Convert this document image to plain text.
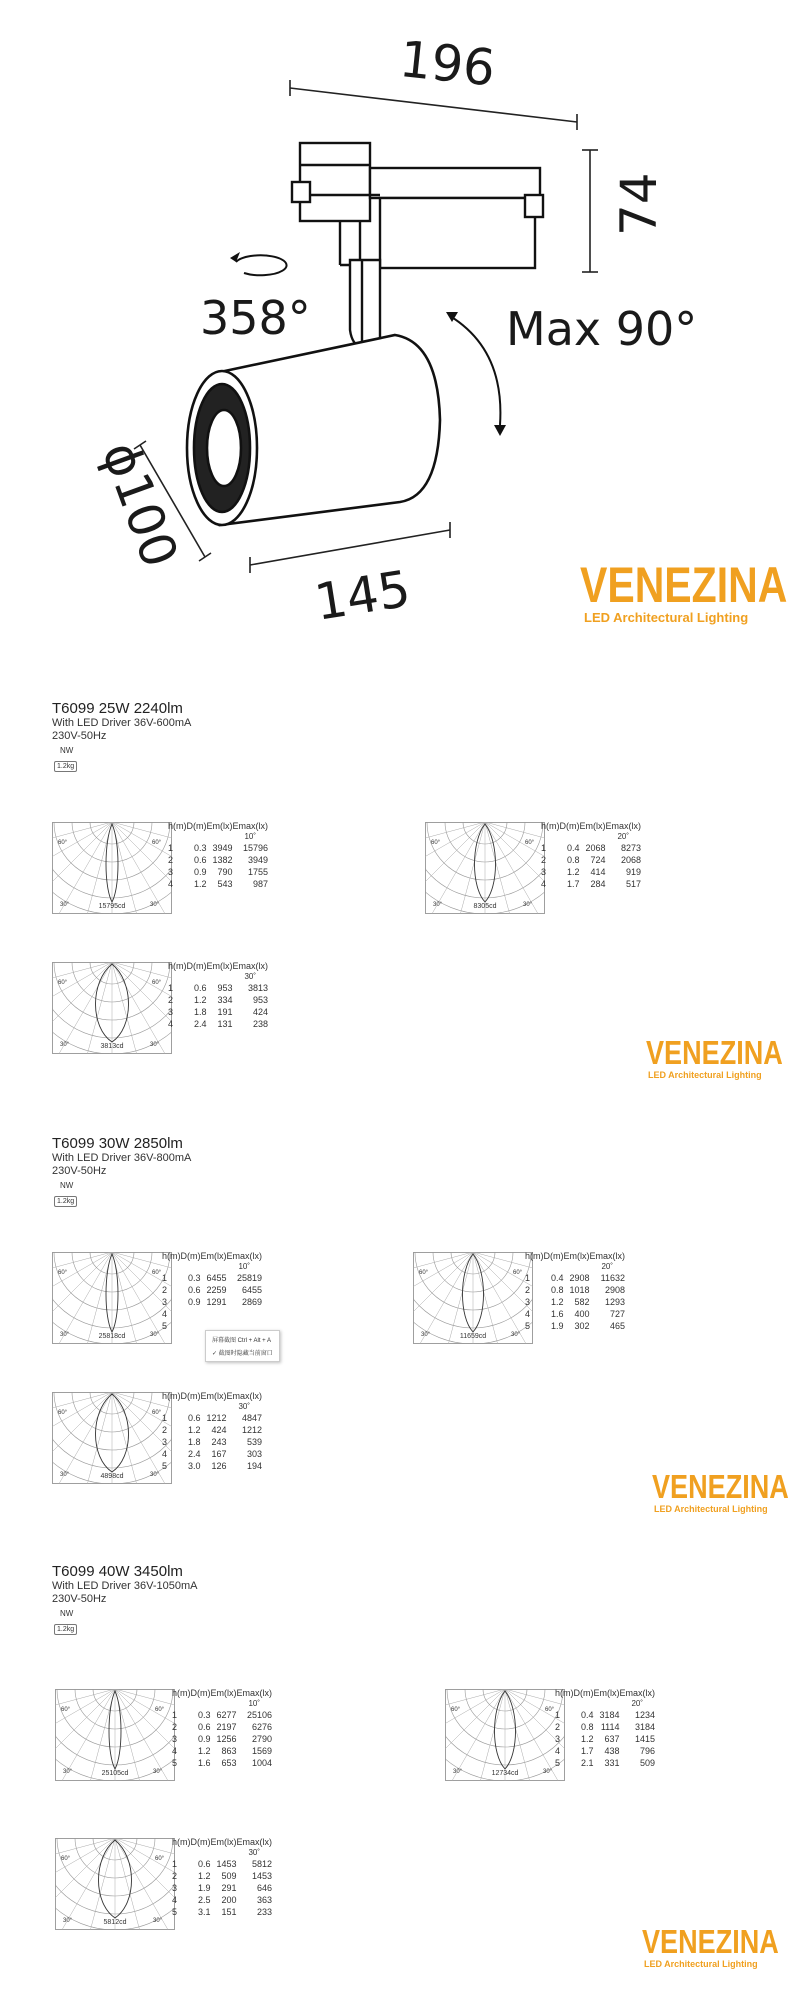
196
74
358°	Max 90°
ϕ100
145	VENEZINA
LED Architectural Lighting
T6099 25W 2240lm
With LED Driver 36V-600mA
230V-50Hz
NW
1.2kg
60°	60°
30°	30°
15795cd
h(m)	D(m)	Em(lx)	Emax(lx)
			10˚
1	0.3	3949	15796
2	0.6	1382	3949
3	0.9	790	1755
4	1.2	543	987
60°	60°
30°	30°
8305cd
h(m)	D(m)	Em(lx)	Emax(lx)
			20˚
1	0.4	2068	8273
2	0.8	724	2068
3	1.2	414	919
4	1.7	284	517
60°	60°
30°	30°
3813cd
h(m)	D(m)	Em(lx)	Emax(lx)
			30˚
1	0.6	953	3813
2	1.2	334	953
3	1.8	191	424
4	2.4	131	238
T6099 30W 2850lm
With LED Driver 36V-800mA
230V-50Hz
NW
1.2kg
60°	60°
30°	30°
25818cd
h(m)	D(m)	Em(lx)	Emax(lx)
			10˚
1	0.3	6455	25819
2	0.6	2259	6455
3	0.9	1291	2869
4			
5			
60°	60°
30°	30°
11659cd
h(m)	D(m)	Em(lx)	Emax(lx)
			20˚
1	0.4	2908	11632
2	0.8	1018	2908
3	1.2	582	1293
4	1.6	400	727
5	1.9	302	465
60°	60°
30°	30°
4898cd
h(m)	D(m)	Em(lx)	Emax(lx)
			30˚
1	0.6	1212	4847
2	1.2	424	1212
3	1.8	243	539
4	2.4	167	303
5	3.0	126	194
T6099 40W 3450lm
With LED Driver 36V-1050mA
230V-50Hz
NW
1.2kg
60°	60°
30°	30°
25105cd
h(m)	D(m)	Em(lx)	Emax(lx)
			10˚
1	0.3	6277	25106
2	0.6	2197	6276
3	0.9	1256	2790
4	1.2	863	1569
5	1.6	653	1004
60°	60°
30°	30°
12734cd
h(m)	D(m)	Em(lx)	Emax(lx)
			20˚
1	0.4	3184	1234
2	0.8	1114	3184
3	1.2	637	1415
4	1.7	438	796
5	2.1	331	509
60°	60°
30°	30°
5812cd
h(m)	D(m)	Em(lx)	Emax(lx)
			30˚
1	0.6	1453	5812
2	1.2	509	1453
3	1.9	291	646
4	2.5	200	363
5	3.1	151	233
VENEZINA
LED Architectural Lighting
VENEZINA
LED Architectural Lighting
VENEZINA
LED Architectural Lighting
屏幕截图 Ctrl + Alt + A
✓ 截图时隐藏当前窗口
